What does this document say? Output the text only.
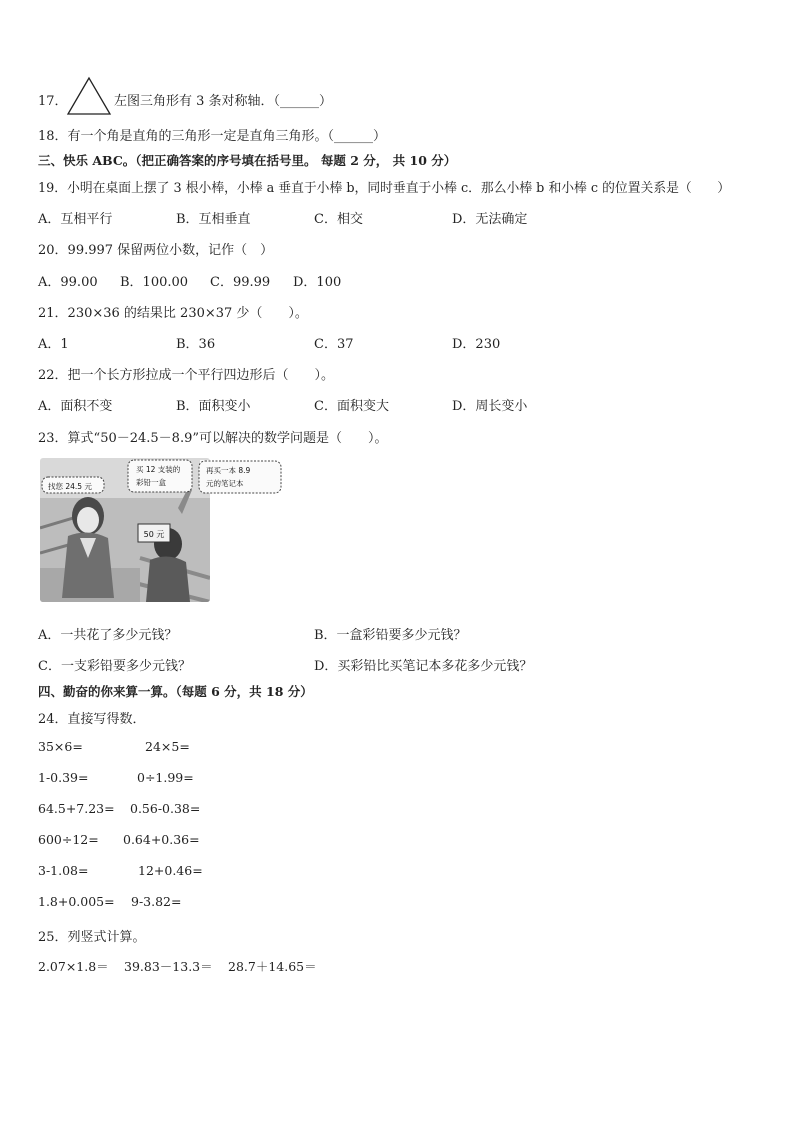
17．	左图三角形有 3 条对称轴．（______）
18．有一个角是直角的三角形一定是直角三角形。（______）
三、快乐 ABC。（把正确答案的序号填在括号里。 每题 2 分， 共 10 分）
19．小明在桌面上摆了 3 根小棒，小棒 a 垂直于小棒 b，同时垂直于小棒 c．那么小棒 b 和小棒 c 的位置关系是（　　）
A．互相平行	B．互相垂直	C．相交	D．无法确定
20．99.997 保留两位小数，记作（　）
A．99.00 B．100.00 C．99.99 D．100
21．230×36 的结果比 230×37 少（　　）。
A．1	B．36	C．37	D．230
22．把一个长方形拉成一个平行四边形后（　　）。
A．面积不变	B．面积变小	C．面积变大	D．周长变小
23．算式“50－24.5－8.9”可以解决的数学问题是（　　）。
50 元
找您 24.5 元
买 12 支装的
彩铅一盒
再买一本 8.9
元的笔记本
A．一共花了多少元钱？	B．一盒彩铅要多少元钱？
C．一支彩铅要多少元钱？	D．买彩铅比买笔记本多花多少元钱？
四、勤奋的你来算一算。（每题 6 分，共 18 分）
24．直接写得数．
35×6=	24×5=
1-0.39=	0÷1.99=
64.5+7.23= 0.56-0.38=
600÷12= 0.64+0.36=
3-1.08=	12+0.46=
1.8+0.005= 9-3.82=
25．列竖式计算。
2.07×1.8＝ 39.83－13.3＝ 28.7＋14.65＝
